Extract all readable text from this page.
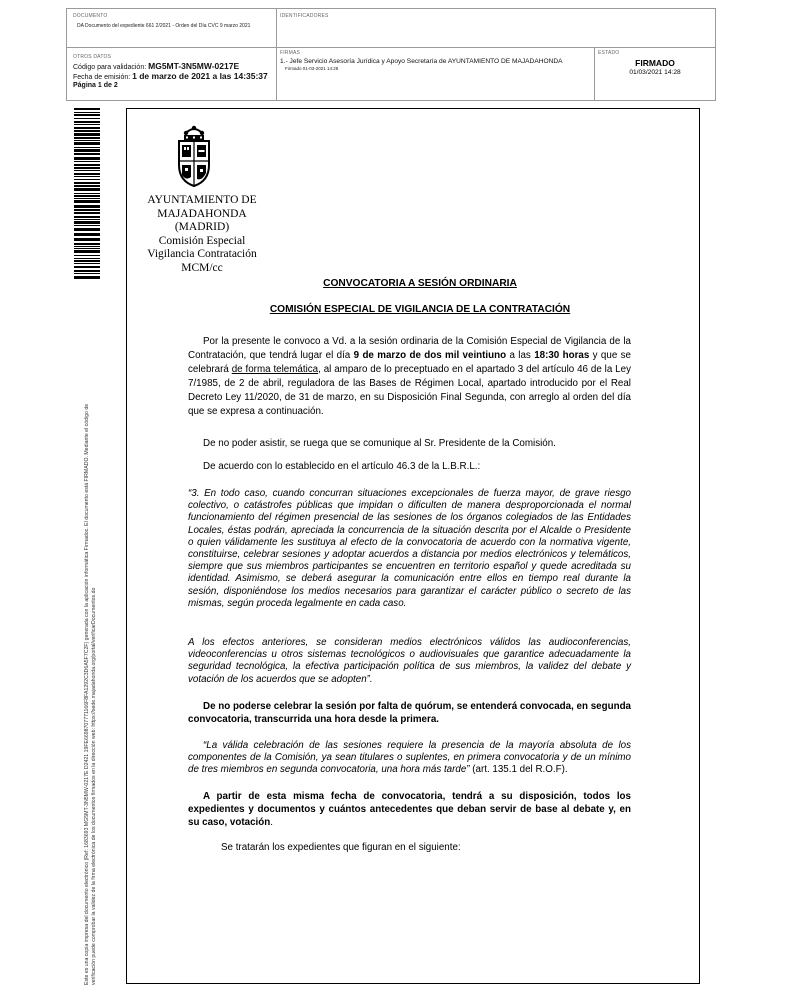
DOCUMENTO
DA Documento del expediente 661 2/2021 - Orden del Día CVC 9 marzo 2021
IDENTIFICADORES
OTROS DATOS
Código para validación: MG5MT-3N5MW-0217E
Fecha de emisión: 1 de marzo de 2021 a las 14:35:37
Página 1 de 2
FIRMAS
1.- Jefe Servicio Asesoría Jurídica y Apoyo Secretaría de AYUNTAMIENTO DE MAJADAHONDA
Firmado 01-03-2021 14:28
ESTADO
FIRMADO
01/03/2021 14:28
Este es una copia impresa del documento electrónico (Ref: 1683693 MG5MT-3N5MW-0217E D2421 19FE6698707771166F8FA1292C3D6A5F7C2F) generada con la aplicación informática Firmadoc. El documento está FIRMADO. Mediante el código de verificación puede comprobar la validez de la firma electrónica de los documentos firmados en la dirección web: https://sede.majadahonda.org/portal/verificarDocumentos.do
AYUNTAMIENTO DE
MAJADAHONDA
(MADRID)
Comisión Especial
Vigilancia Contratación
MCM/cc
CONVOCATORIA A SESIÓN ORDINARIA
COMISIÓN ESPECIAL DE VIGILANCIA DE LA CONTRATACIÓN
Por la presente le convoco a Vd. a la sesión ordinaria de la Comisión Especial de Vigilancia de la Contratación, que tendrá lugar el día 9 de marzo de dos mil veintiuno a las 18:30 horas y que se celebrará de forma telemática, al amparo de lo preceptuado en el apartado 3 del artículo 46 de la Ley 7/1985, de 2 de abril, reguladora de las Bases de Régimen Local, apartado introducido por el Real Decreto Ley 11/2020, de 31 de marzo, en su Disposición Final Segunda, con arreglo al orden del día que se expresa a continuación.
De no poder asistir, se ruega que se comunique al Sr. Presidente de la Comisión.
De acuerdo con lo establecido en el artículo 46.3 de la L.B.R.L.:
“3. En todo caso, cuando concurran situaciones excepcionales de fuerza mayor, de grave riesgo colectivo, o catástrofes públicas que impidan o dificulten de manera desproporcionada el normal funcionamiento del régimen presencial de las sesiones de los órganos colegiados de las Entidades Locales, éstas podrán, apreciada la concurrencia de la situación descrita por el Alcalde o Presidente o quien válidamente les sustituya al efecto de la convocatoria de acuerdo con la normativa vigente, constituirse, celebrar sesiones y adoptar acuerdos a distancia por medios electrónicos y telemáticos, siempre que sus miembros participantes se encuentren en territorio español y quede acreditada su identidad. Asimismo, se deberá asegurar la comunicación entre ellos en tiempo real durante la sesión, disponiéndose los medios necesarios para garantizar el carácter público o secreto de las mismas, según proceda legalmente en cada caso.
A los efectos anteriores, se consideran medios electrónicos válidos las audioconferencias, videoconferencias u otros sistemas tecnológicos o audiovisuales que garantice adecuadamente la seguridad tecnológica, la efectiva participación política de sus miembros, la validez del debate y votación de los acuerdos que se adopten”.
De no poderse celebrar la sesión por falta de quórum, se entenderá convocada, en segunda convocatoria, transcurrida una hora desde la primera.
“La válida celebración de las sesiones requiere la presencia de la mayoría absoluta de los componentes de la Comisión, ya sean titulares o suplentes, en primera convocatoria y de un mínimo de tres miembros en segunda convocatoria, una hora más tarde” (art. 135.1 del R.O.F).
A partir de esta misma fecha de convocatoria, tendrá a su disposición, todos los expedientes y documentos y cuántos antecedentes que deban servir de base al debate y, en su caso, votación.
Se tratarán los expedientes que figuran en el siguiente:
